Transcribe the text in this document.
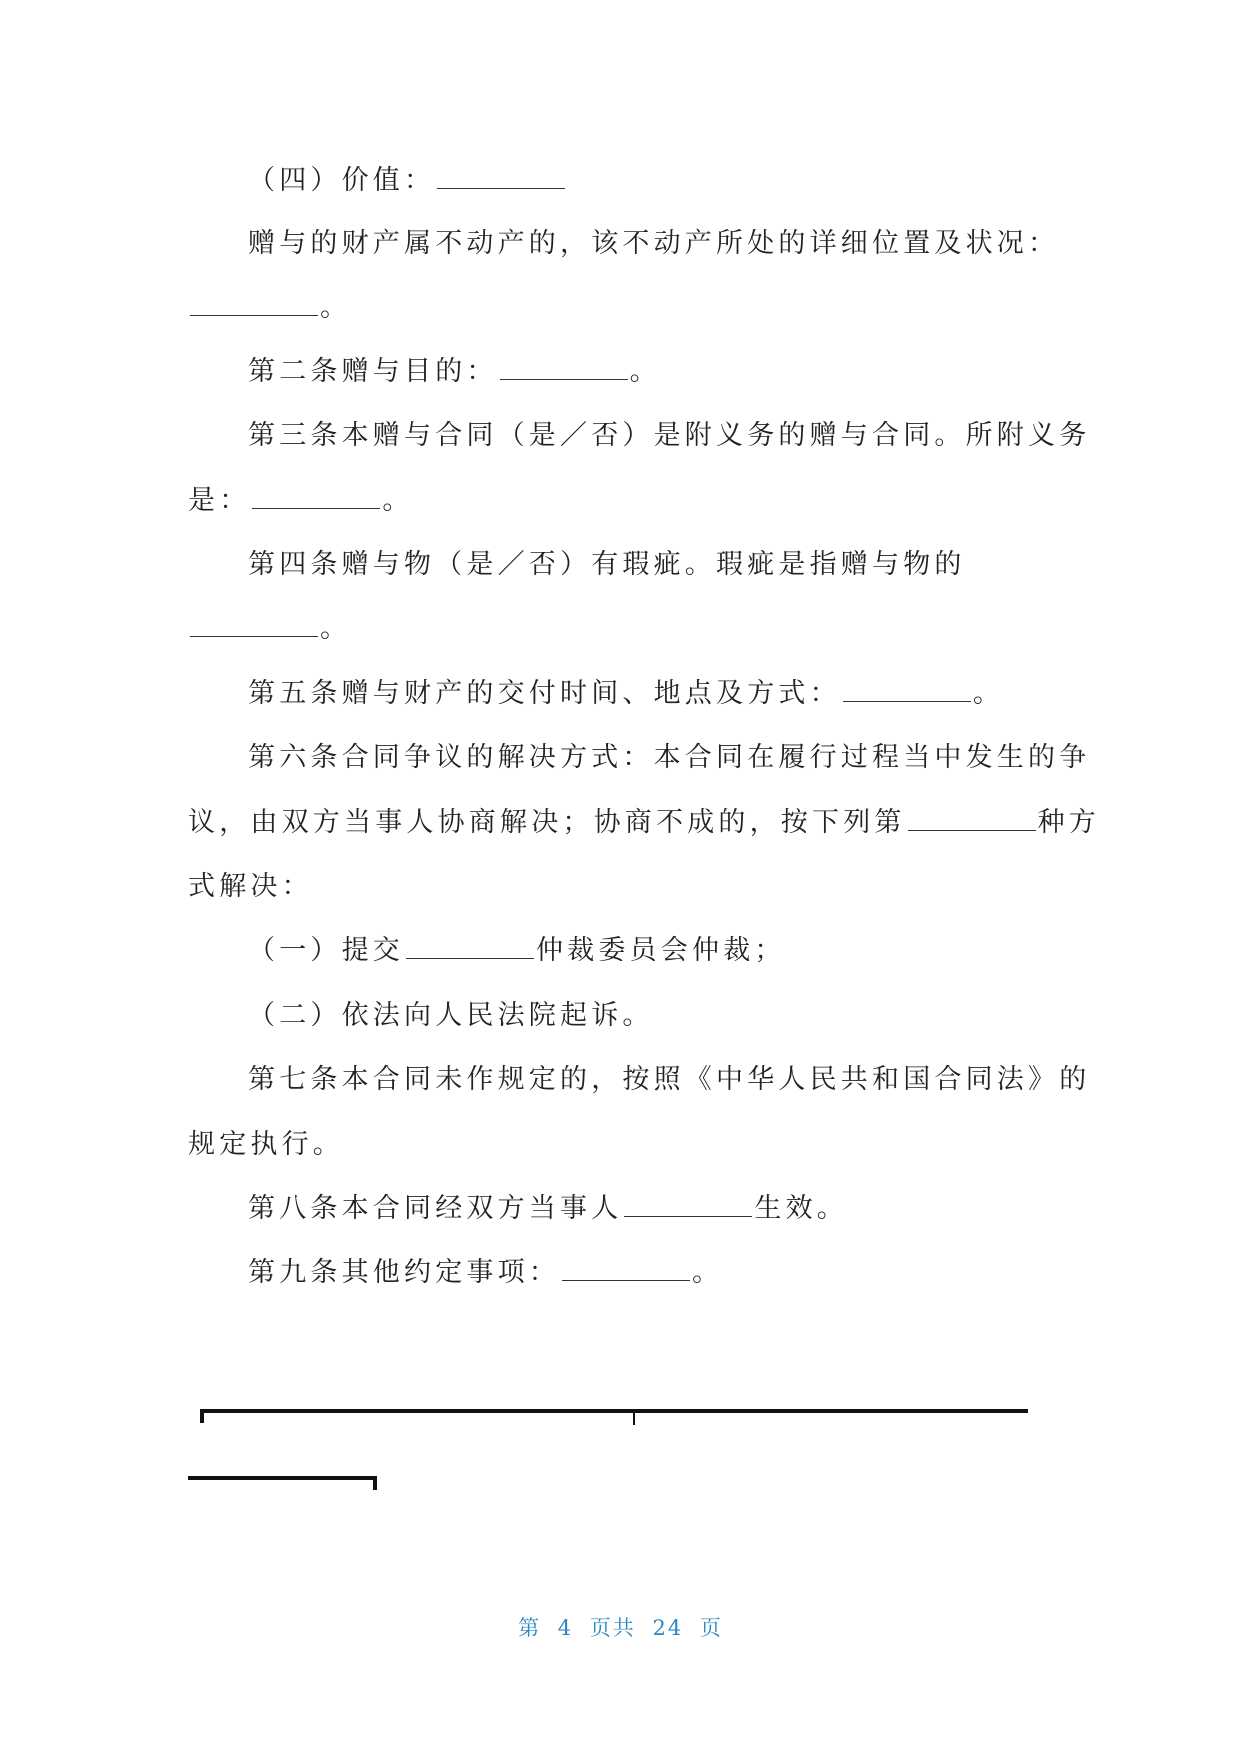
（四）价值：
赠与的财产属不动产的，该不动产所处的详细位置及状况：
。
第二条赠与目的：	。
第三条本赠与合同（是／否）是附义务的赠与合同。所附义务
是：	。
第四条赠与物（是／否）有瑕疵。瑕疵是指赠与物的
。
第五条赠与财产的交付时间、地点及方式：	。
第六条合同争议的解决方式：本合同在履行过程当中发生的争
议，由双方当事人协商解决；协商不成的，按下列第	种方
式解决：
（一）提交	仲裁委员会仲裁；
（二）依法向人民法院起诉。
第七条本合同未作规定的，按照《中华人民共和国合同法》的
规定执行。
第八条本合同经双方当事人	生效。
第九条其他约定事项：	。
第 4 页共 24 页
